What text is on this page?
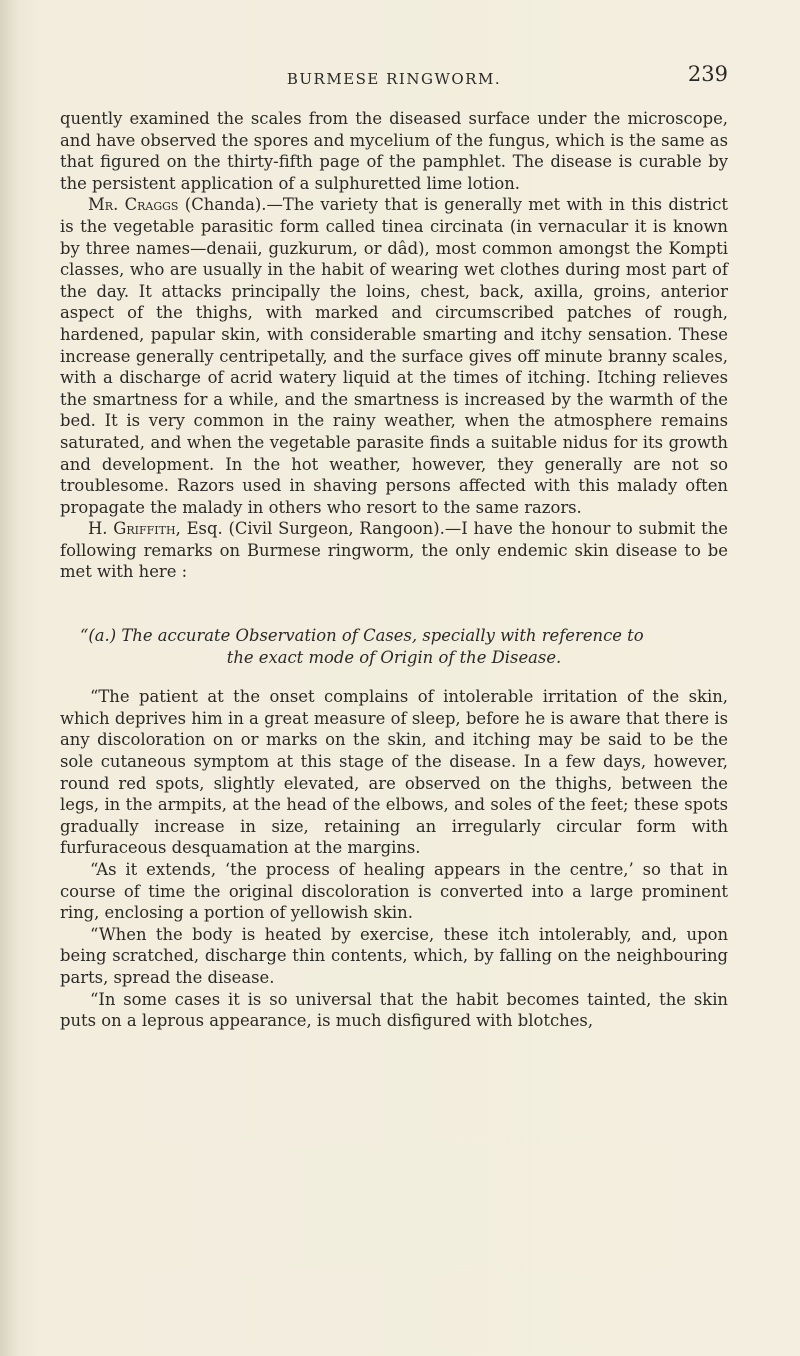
BURMESE RINGWORM.	239

quently examined the scales from the diseased surface under the microscope, and have observed the spores and mycelium of the fungus, which is the same as that figured on the thirty-fifth page of the pamphlet. The disease is curable by the persistent application of a sulphuretted lime lotion.

Mr. Craggs (Chanda).—The variety that is generally met with in this district is the vegetable parasitic form called tinea circinata (in vernacular it is known by three names—denaii, guzkurum, or dâd), most common amongst the Kompti classes, who are usually in the habit of wearing wet clothes during most part of the day. It attacks principally the loins, chest, back, axilla, groins, anterior aspect of the thighs, with marked and circumscribed patches of rough, hardened, papular skin, with considerable smarting and itchy sensation. These increase generally centripetally, and the surface gives off minute branny scales, with a discharge of acrid watery liquid at the times of itching. Itching relieves the smartness for a while, and the smartness is increased by the warmth of the bed. It is very common in the rainy weather, when the atmosphere remains saturated, and when the vegetable parasite finds a suitable nidus for its growth and development. In the hot weather, however, they generally are not so troublesome. Razors used in shaving persons affected with this malady often propagate the malady in others who resort to the same razors.

H. Griffith, Esq. (Civil Surgeon, Rangoon).—I have the honour to submit the following remarks on Burmese ringworm, the only endemic skin disease to be met with here :

“(a.) The accurate Observation of Cases, specially with reference to
the exact mode of Origin of the Disease.

“The patient at the onset complains of intolerable irritation of the skin, which deprives him in a great measure of sleep, before he is aware that there is any discoloration on or marks on the skin, and itching may be said to be the sole cutaneous symptom at this stage of the disease. In a few days, however, round red spots, slightly elevated, are observed on the thighs, between the legs, in the armpits, at the head of the elbows, and soles of the feet; these spots gradually increase in size, retaining an irregularly circular form with furfuraceous desquamation at the margins.

“As it extends, ‘the process of healing appears in the centre,’ so that in course of time the original discoloration is converted into a large prominent ring, enclosing a portion of yellowish skin.

“When the body is heated by exercise, these itch intolerably, and, upon being scratched, discharge thin contents, which, by falling on the neighbouring parts, spread the disease.

“In some cases it is so universal that the habit becomes tainted, the skin puts on a leprous appearance, is much disfigured with blotches,
